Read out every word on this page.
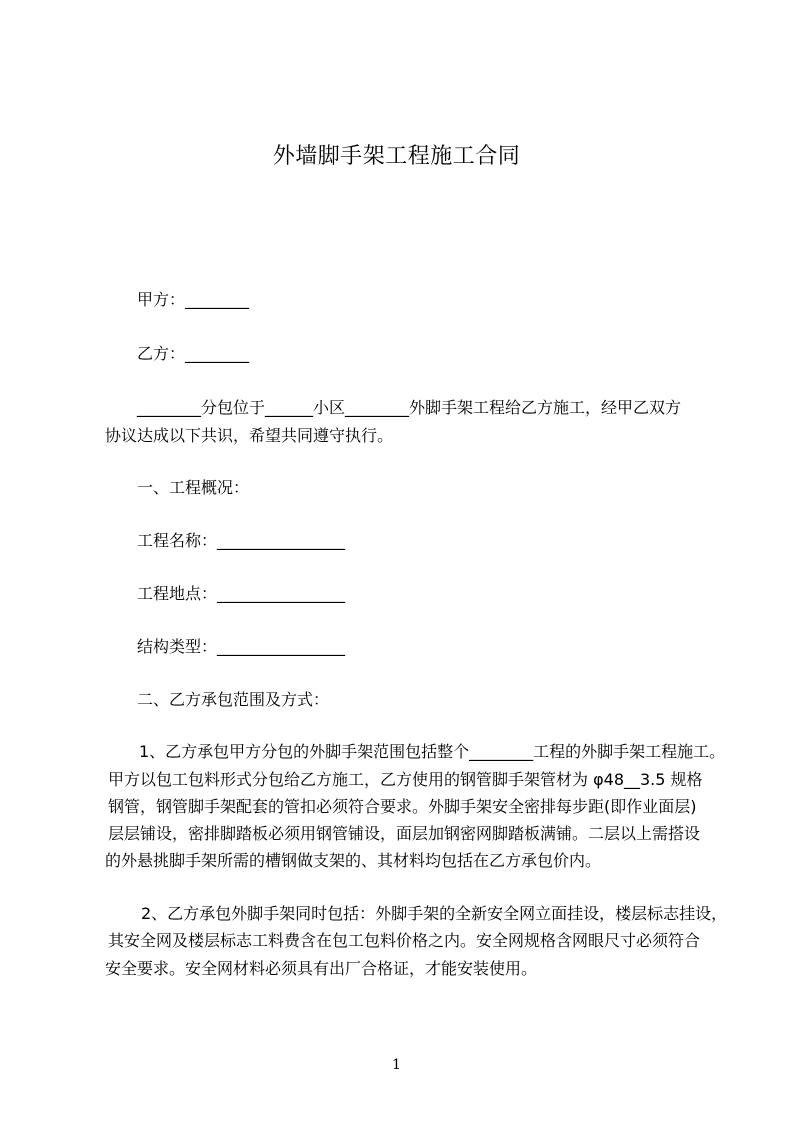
外墙脚手架工程施工合同
甲方：________
乙方：________
________分包位于______小区________外脚手架工程给乙方施工，经甲乙双方
协议达成以下共识，希望共同遵守执行。
一、工程概况：
工程名称：________________
工程地点：________________
结构类型：________________
二、乙方承包范围及方式：
1、乙方承包甲方分包的外脚手架范围包括整个________工程的外脚手架工程施工。
甲方以包工包料形式分包给乙方施工，乙方使用的钢管脚手架管材为 φ48__3.5 规格
钢管，钢管脚手架配套的管扣必须符合要求。外脚手架安全密排每步距(即作业面层)
层层铺设，密排脚踏板必须用钢管铺设，面层加钢密网脚踏板满铺。二层以上需搭设
的外悬挑脚手架所需的槽钢做支架的、其材料均包括在乙方承包价内。
2、乙方承包外脚手架同时包括：外脚手架的全新安全网立面挂设，楼层标志挂设，
其安全网及楼层标志工料费含在包工包料价格之内。安全网规格含网眼尺寸必须符合
安全要求。安全网材料必须具有出厂合格证，才能安装使用。
1
